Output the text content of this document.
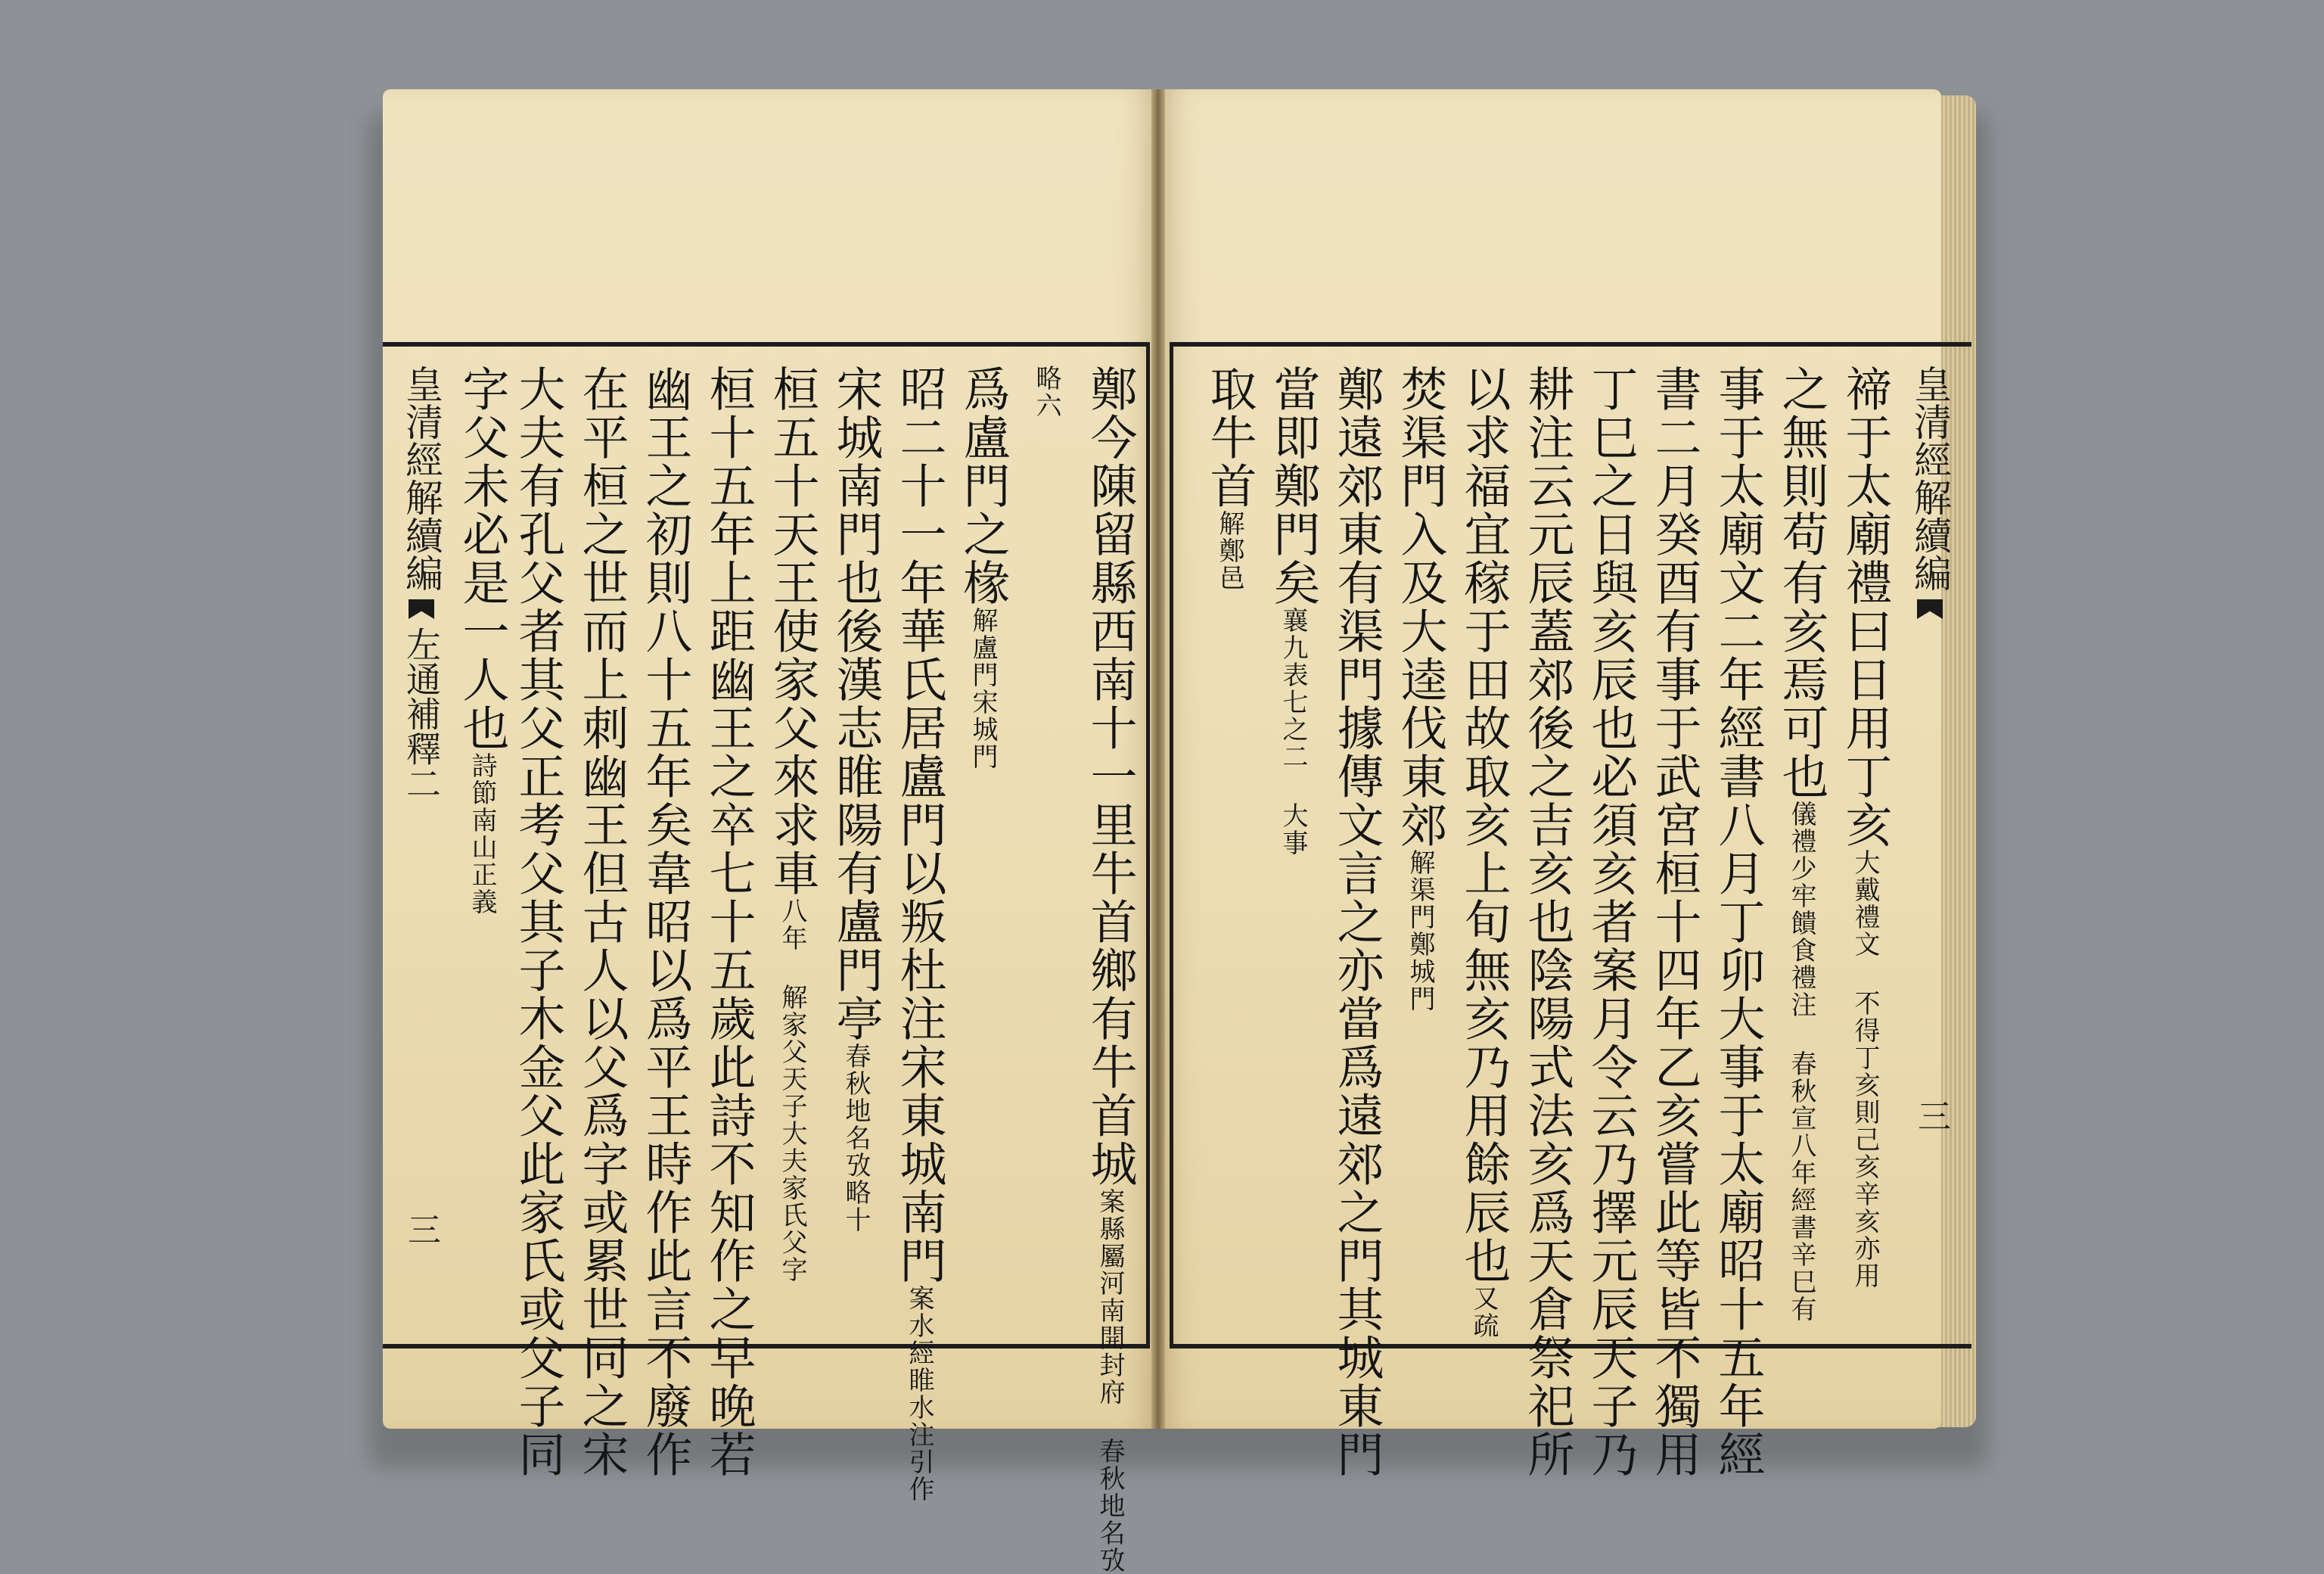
皇清經解續編左通補釋二
三
鄭今陳留縣西南十一里牛首鄉有牛首城案縣屬河南開封府 春秋地名攷
略六
爲盧門之椽解盧門宋城門
昭二十一年華氏居盧門以叛杜注宋東城南門案水經睢水注引作
宋城南門也後漢志睢陽有盧門亭春秋地名攷略十
桓五十天王使家父來求車八年 解家父天子大夫家氏父字
桓十五年上距幽王之卒七十五歲此詩不知作之早晚若
幽王之初則八十五年矣韋昭以爲平王時作此言不廢作
在平桓之世而上刺幽王但古人以父爲字或累世同之宋
大夫有孔父者其父正考父其子木金父此家氏或父子同
字父未必是一人也詩節南山正義
皇清經解續編
三
禘于太廟禮曰日用丁亥大戴禮文 不得丁亥則己亥辛亥亦用
之無則苟有亥焉可也儀禮少牢饋食禮注 春秋宣八年經書辛巳有
事于太廟文二年經書八月丁卯大事于太廟昭十五年經
書二月癸酉有事于武宮桓十四年乙亥嘗此等皆不獨用
丁巳之日與亥辰也必須亥者案月令云乃擇元辰天子乃
耕注云元辰蓋郊後之吉亥也陰陽式法亥爲天倉祭祀所
以求福宜稼于田故取亥上旬無亥乃用餘辰也又疏
焚渠門入及大逵伐東郊解渠門鄭城門
鄭遠郊東有渠門據傳文言之亦當爲遠郊之門其城東門
當即鄭門矣襄九表七之二 大事
取牛首解鄭邑
